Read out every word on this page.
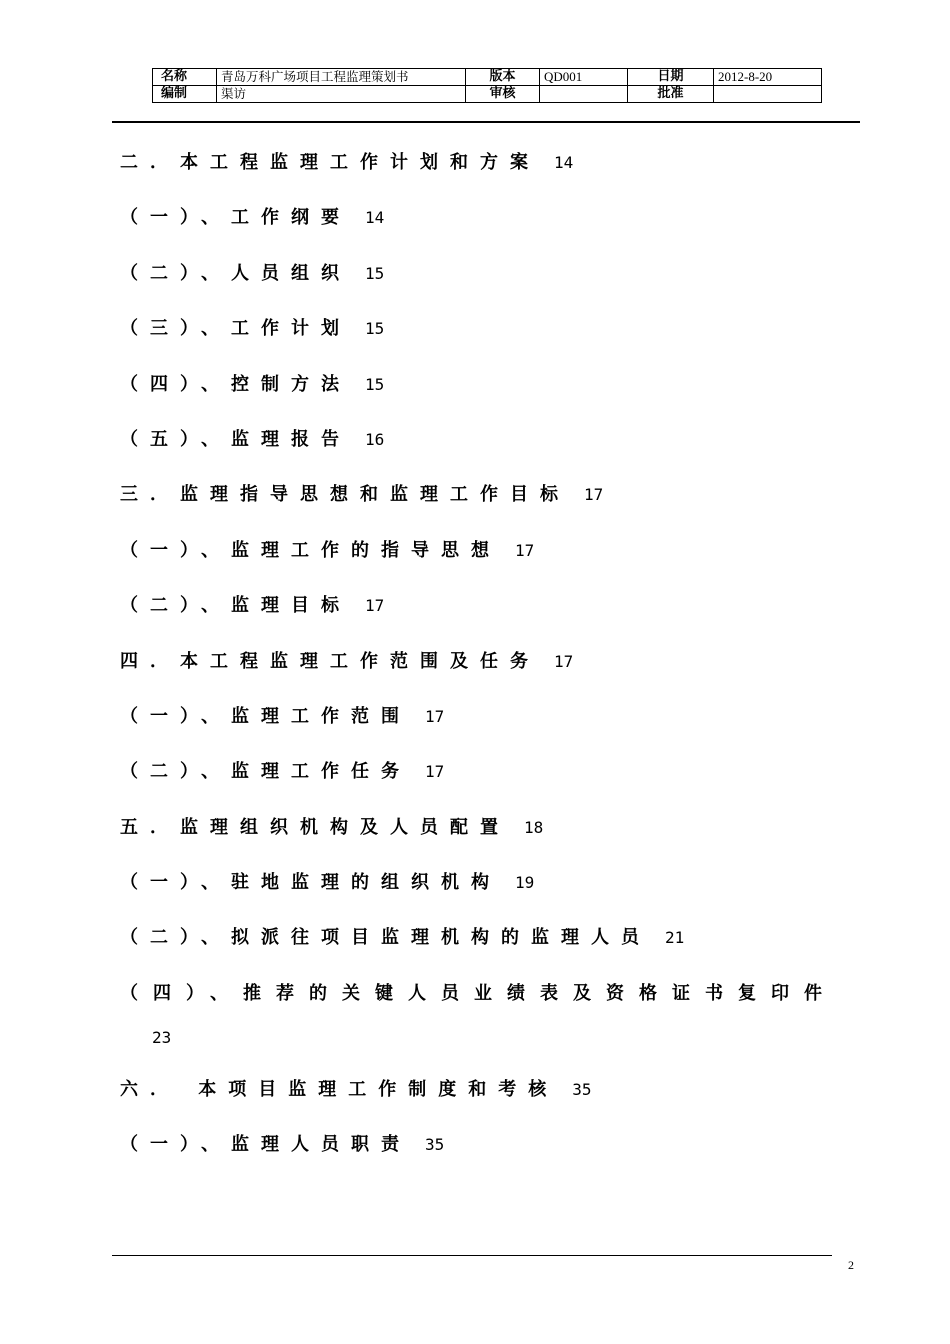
名称	青岛万科广场项目工程监理策划书	版本	QD001	日期	2012-8-20
编制	渠访	审核		批准	
二．本工程监理工作计划和方案 14
（一）、工作纲要 14
（二）、人员组织 15
（三）、工作计划 15
（四）、控制方法 15
（五）、监理报告 16
三．监理指导思想和监理工作目标 17
（一）、监理工作的指导思想 17
（二）、监理目标 17
四．本工程监理工作范围及任务 17
（一）、监理工作范围 17
（二）、监理工作任务 17
五．监理组织机构及人员配置 18
（一）、驻地监理的组织机构 19
（二）、拟派往项目监理机构的监理人员 21
（四）、推荐的关键人员业绩表及资格证书复印件
23
六． 本项目监理工作制度和考核 35
（一）、监理人员职责 35
2
